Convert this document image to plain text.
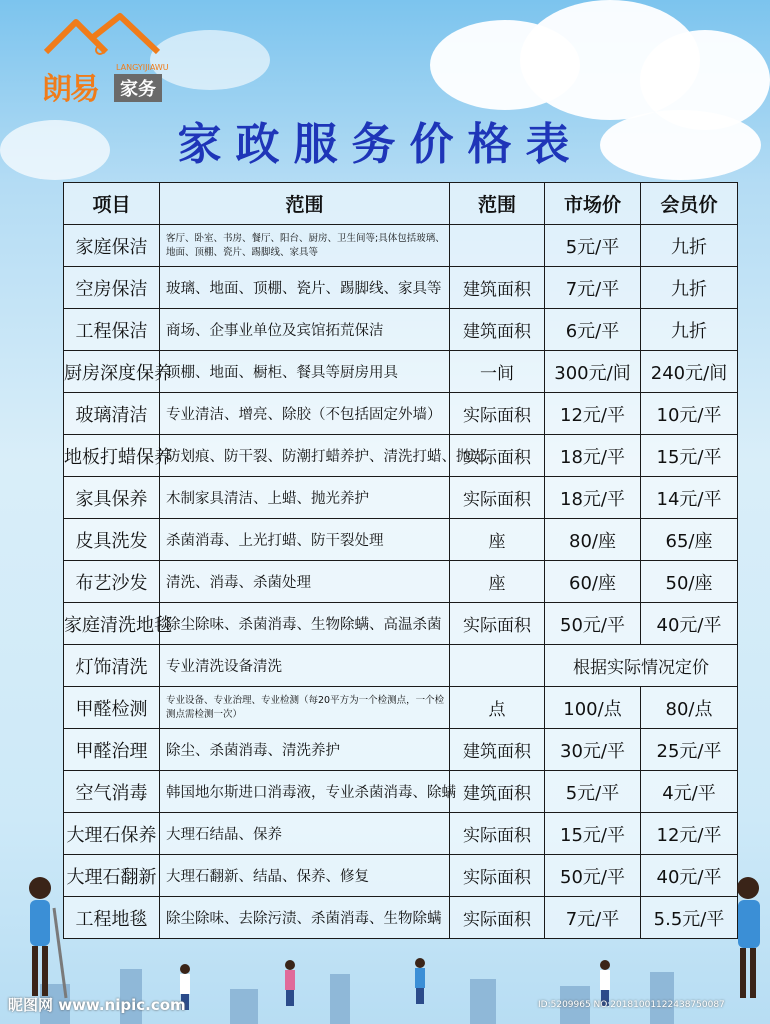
朗易
LANGYIJIAWU
家务
家政服务价格表
项目	范围	范围	市场价	会员价
家庭保洁	客厅、卧室、书房、餐厅、阳台、厨房、卫生间等;具体包括玻璃、地面、顶棚、瓷片、踢脚线、家具等		5元/平	九折
空房保洁	玻璃、地面、顶棚、瓷片、踢脚线、家具等	建筑面积	7元/平	九折
工程保洁	商场、企事业单位及宾馆拓荒保洁	建筑面积	6元/平	九折
厨房深度保养	顶棚、地面、橱柜、餐具等厨房用具	一间	300元/间	240元/间
玻璃清洁	专业清洁、增亮、除胶（不包括固定外墙）	实际面积	12元/平	10元/平
地板打蜡保养	防划痕、防干裂、防潮打蜡养护、清洗打蜡、抛光	实际面积	18元/平	15元/平
家具保养	木制家具清洁、上蜡、抛光养护	实际面积	18元/平	14元/平
皮具洗发	杀菌消毒、上光打蜡、防干裂处理	座	80/座	65/座
布艺沙发	清洗、消毒、杀菌处理	座	60/座	50/座
家庭清洗地毯	除尘除味、杀菌消毒、生物除螨、高温杀菌	实际面积	50元/平	40元/平
灯饰清洗	专业清洗设备清洗		根据实际情况定价	
甲醛检测	专业设备、专业治理、专业检测（每20平方为一个检测点，一个检测点需检测一次）	点	100/点	80/点
甲醛治理	除尘、杀菌消毒、清洗养护	建筑面积	30元/平	25元/平
空气消毒	韩国地尔斯进口消毒液，专业杀菌消毒、除螨	建筑面积	5元/平	4元/平
大理石保养	大理石结晶、保养	实际面积	15元/平	12元/平
大理石翻新	大理石翻新、结晶、保养、修复	实际面积	50元/平	40元/平
工程地毯	除尘除味、去除污渍、杀菌消毒、生物除螨	实际面积	7元/平	5.5元/平
昵图网 www.nipic.com	ID:5209965 NO:20181001122438750087
